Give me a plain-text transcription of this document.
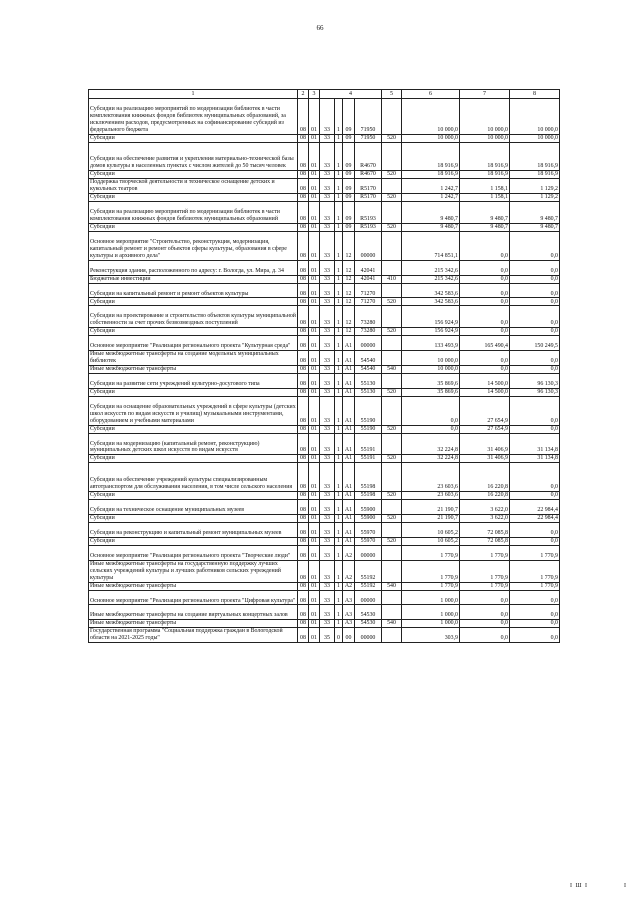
66
1	2	3	4				5	6	7	8
Субсидии на реализацию мероприятий по модернизации библиотек в части комплектования книжных фондов библиотек муниципальных образований, за исключением расходов, предусмотренных на софинансирование субсидий из федерального бюджета	08	01	33	1	09	71950		10 000,0	10 000,0	10 000,0
Субсидии	08	01	33	1	09	71950	520	10 000,0	10 000,0	10 000,0
Субсидии на обеспечение развития и укрепления материально-технической базы домов культуры в населенных пунктах с числом жителей до 50 тысяч человек	08	01	33	1	09	R4670		18 916,9	18 916,9	18 916,9
Субсидии	08	01	33	1	09	R4670	520	18 916,9	18 916,9	18 916,9
Поддержка творческой деятельности и техническое оснащение детских и кукольных театров	08	01	33	1	09	R5170		1 242,7	1 158,1	1 129,2
Субсидии	08	01	33	1	09	R5170	520	1 242,7	1 158,1	1 129,2
Субсидии на реализацию мероприятий по модернизации библиотек в части комплектования книжных фондов библиотек муниципальных образований	08	01	33	1	09	R5193		9 480,7	9 480,7	9 480,7
Субсидии	08	01	33	1	09	R5193	520	9 480,7	9 480,7	9 480,7
Основное мероприятие "Строительство, реконструкция, модернизация, капитальный ремонт и ремонт объектов сферы культуры, образования в сфере культуры и архивного дела"	08	01	33	1	12	00000		714 851,1	0,0	0,0
Реконструкция здания, расположенного по адресу: г. Вологда, ул. Мира, д. 34	08	01	33	1	12	42041		215 342,6	0,0	0,0
Бюджетные инвестиции	08	01	33	1	12	42041	410	215 342,6	0,0	0,0
Субсидии на капитальный ремонт и ремонт объектов культуры	08	01	33	1	12	71270		342 583,6	0,0	0,0
Субсидии	08	01	33	1	12	71270	520	342 583,6	0,0	0,0
Субсидии на проектирование и строительство объектов культуры муниципальной собственности за счет прочих безвозмездных поступлений	08	01	33	1	12	73280		156 924,9	0,0	0,0
Субсидии	08	01	33	1	12	73280	520	156 924,9	0,0	0,0
Основное мероприятие "Реализация регионального проекта "Культурная среда"	08	01	33	1	A1	00000		133 493,9	165 490,4	150 249,5
Иные межбюджетные трансферты на создание модельных муниципальных библиотек	08	01	33	1	A1	54540		10 000,0	0,0	0,0
Иные межбюджетные трансферты	08	01	33	1	A1	54540	540	10 000,0	0,0	0,0
Субсидии на развитие сети учреждений культурно-досугового типа	08	01	33	1	A1	55130		35 869,6	14 500,0	96 130,3
Субсидии	08	01	33	1	A1	55130	520	35 869,6	14 500,0	96 130,3
Субсидии на оснащение образовательных учреждений в сфере культуры (детских школ искусств по видам искусств и училищ) музыкальными инструментами, оборудованием и учебными материалами	08	01	33	1	A1	55190		0,0	27 654,9	0,0
Субсидии	08	01	33	1	A1	55190	520	0,0	27 654,9	0,0
Субсидии на модернизацию (капитальный ремонт, реконструкцию) муниципальных детских школ искусств по видам искусств	08	01	33	1	A1	55191		32 224,8	31 406,9	31 134,8
Субсидии	08	01	33	1	A1	55191	520	32 224,8	31 406,9	31 134,8
Субсидии на обеспечение учреждений культуры специализированным автотранспортом для обслуживания населения, в том числе сельского населения	08	01	33	1	A1	55198		23 603,6	16 220,8	0,0
Субсидии	08	01	33	1	A1	55198	520	23 603,6	16 220,8	0,0
Субсидии на техническое оснащение муниципальных музеев	08	01	33	1	A1	55900		21 190,7	3 622,0	22 984,4
Субсидии	08	01	33	1	A1	55900	520	21 190,7	3 622,0	22 984,4
Субсидии на реконструкцию и капитальный ремонт муниципальных музеев	08	01	33	1	A1	55970		10 605,2	72 085,8	0,0
Субсидии	08	01	33	1	A1	55970	520	10 605,2	72 085,8	0,0
Основное мероприятие "Реализация регионального проекта "Творческие люди"	08	01	33	1	A2	00000		1 770,9	1 770,9	1 770,9
Иные межбюджетные трансферты на государственную поддержку лучших сельских учреждений культуры и лучших работников сельских учреждений культуры	08	01	33	1	A2	55192		1 770,9	1 770,9	1 770,9
Иные межбюджетные трансферты	08	01	33	1	A2	55192	540	1 770,9	1 770,9	1 770,9
Основное мероприятие "Реализация регионального проекта "Цифровая культура"	08	01	33	1	A3	00000		1 000,0	0,0	0,0
Иные межбюджетные трансферты на создание виртуальных концертных залов	08	01	33	1	A3	54530		1 000,0	0,0	0,0
Иные межбюджетные трансферты	08	01	33	1	A3	54530	540	1 000,0	0,0	0,0
Государственная программа "Социальная поддержка граждан в Вологодской области на 2021-2025 годы"	08	01	35	0	00	00000		303,9	0,0	0,0
I Ш I	I
